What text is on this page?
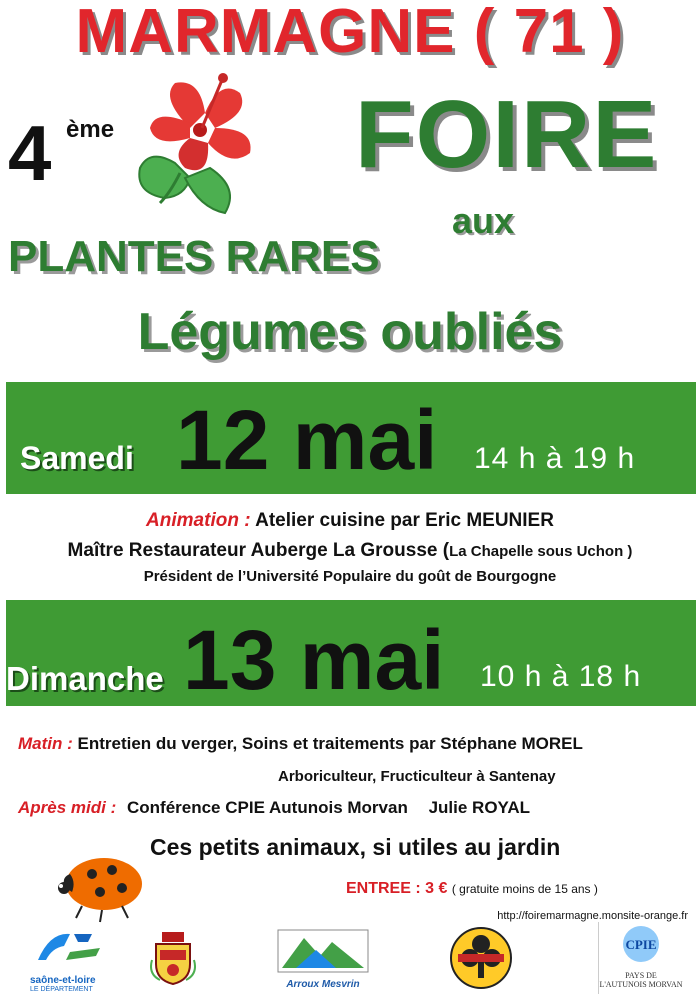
MARMAGNE ( 71 )
4 ème	FOIRE
aux
PLANTES RARES
Légumes oubliés
Samedi 12 mai 14 h à 19 h
Animation : Atelier cuisine par Eric MEUNIER
Maître Restaurateur Auberge La Grousse (La Chapelle sous Uchon )
Président de l’Université Populaire du goût de Bourgogne
Dimanche 13 mai 10 h à 18 h
Matin : Entretien du verger, Soins et traitements par Stéphane MOREL
Arboriculteur, Fructiculteur à Santenay
Après midi : Conférence CPIE Autunois Morvan Julie ROYAL
Ces petits animaux, si utiles au jardin
ENTREE : 3 € ( gratuite moins de 15 ans )
http://foiremarmagne.monsite-orange.fr
saône-et-loire
LE DÉPARTEMENT	Arroux Mesvrin
CPIE
PAYS DE
L'AUTUNOIS MORVAN
